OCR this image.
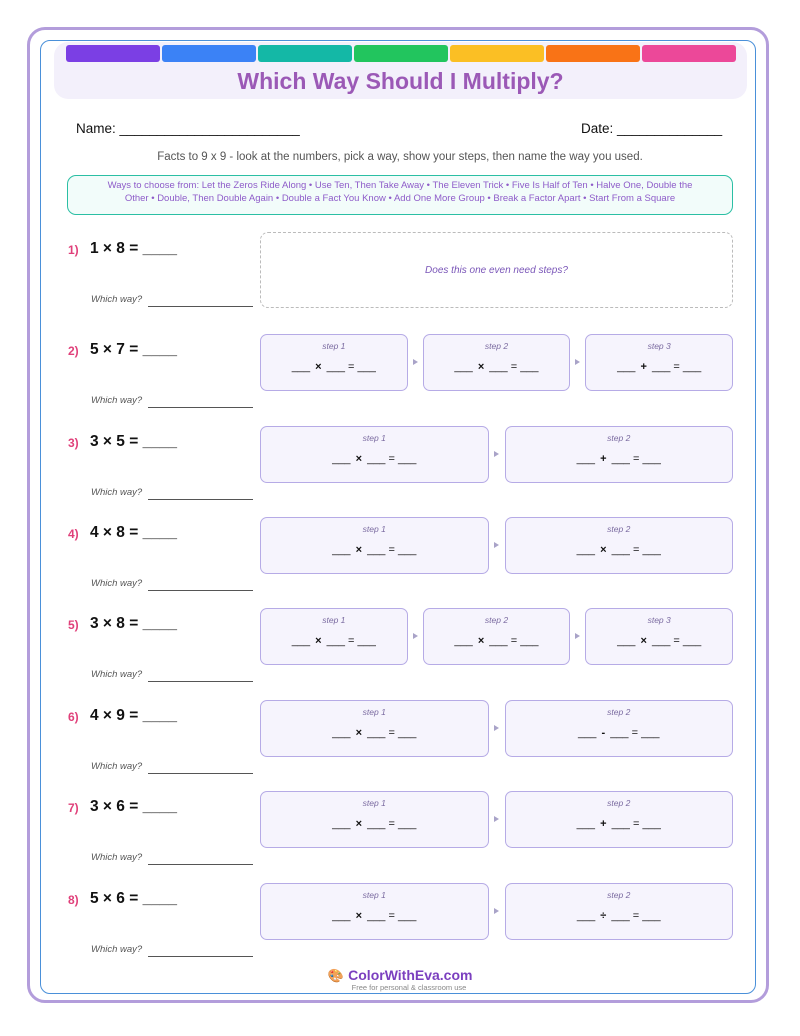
Which Way Should I Multiply?
Name: ________________________	Date: ______________
Facts to 9 x 9 - look at the numbers, pick a way, show your steps, then name the way you used.
Ways to choose from: Let the Zeros Ride Along • Use Ten, Then Take Away • The Eleven Trick • Five Is Half of Ten • Halve One, Double the Other • Double, Then Double Again • Double a Fact You Know • Add One More Group • Break a Factor Apart • Start From a Square
1) 1 × 8 = ____
Which way?
Does this one even need steps?
2) 5 × 7 = ____
Which way?
step 1
___ × ___ = ___
step 2
___ × ___ = ___
step 3
___ + ___ = ___
3) 3 × 5 = ____
Which way?
step 1
___ × ___ = ___
step 2
___ + ___ = ___
4) 4 × 8 = ____
Which way?
step 1
___ × ___ = ___
step 2
___ × ___ = ___
5) 3 × 8 = ____
Which way?
step 1
___ × ___ = ___
step 2
___ × ___ = ___
step 3
___ × ___ = ___
6) 4 × 9 = ____
Which way?
step 1
___ × ___ = ___
step 2
___ - ___ = ___
7) 3 × 6 = ____
Which way?
step 1
___ × ___ = ___
step 2
___ + ___ = ___
8) 5 × 6 = ____
Which way?
step 1
___ × ___ = ___
step 2
___ ÷ ___ = ___
🎨 ColorWithEva.com
Free for personal & classroom use
